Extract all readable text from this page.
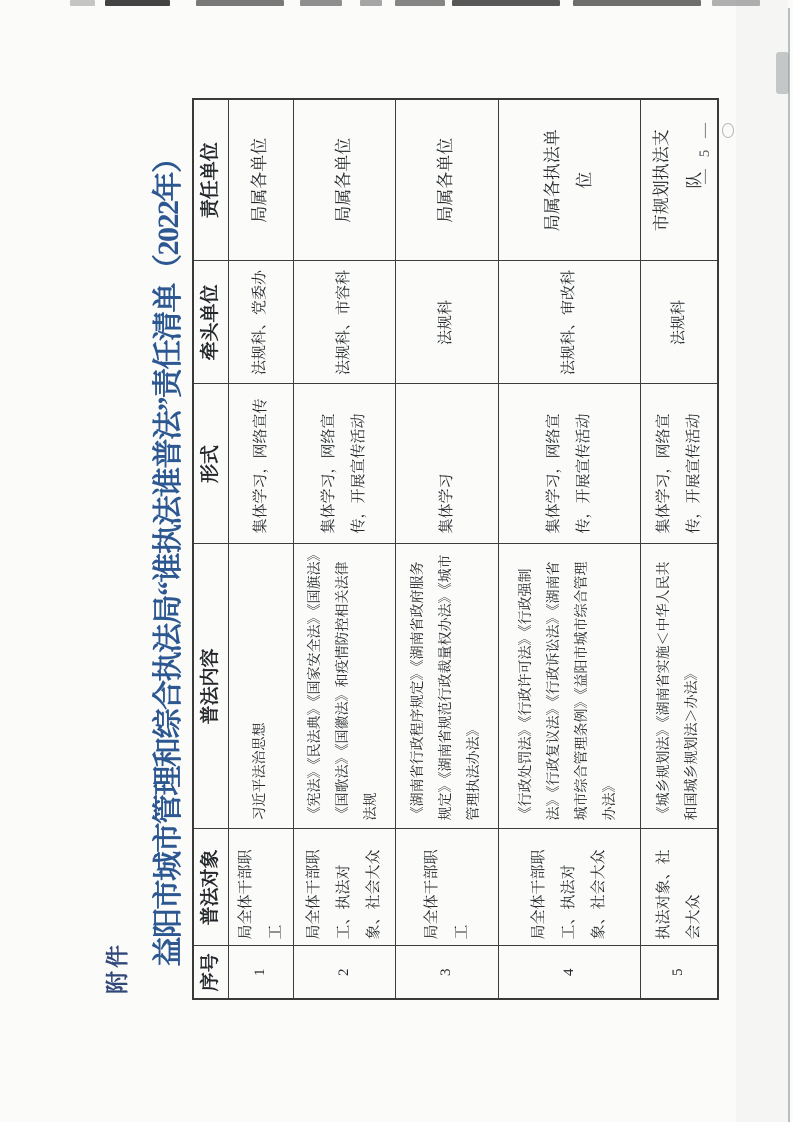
附件
益阳市城市管理和综合执法局“谁执法谁普法”责任清单（2022年）
序号	普法对象	普法内容	形式	牵头单位	责任单位
1	局全体干部职工	习近平法治思想	集体学习，网络宣传	法规科、党委办	局属各单位
2	局全体干部职工、执法对象、社会大众	《宪法》《民法典》《国家安全法》《国旗法》《国歌法》《国徽法》和疫情防控相关法律法规	集体学习，网络宣传，开展宣传活动	法规科、市容科	局属各单位
3	局全体干部职工	《湖南省行政程序规定》《湖南省政府服务规定》《湖南省规范行政裁量权办法》《城市管理执法办法》	集体学习	法规科	局属各单位
4	局全体干部职工、执法对象、社会大众	《行政处罚法》《行政许可法》《行政强制法》《行政复议法》《行政诉讼法》《湖南省城市综合管理条例》《益阳市城市综合管理办法》	集体学习，网络宣传，开展宣传活动	法规科、审改科	局属各执法单位
5	执法对象、社会大众	《城乡规划法》《湖南省实施＜中华人民共和国城乡规划法＞办法》	集体学习，网络宣传，开展宣传活动	法规科	市规划执法支队
— 5 —
